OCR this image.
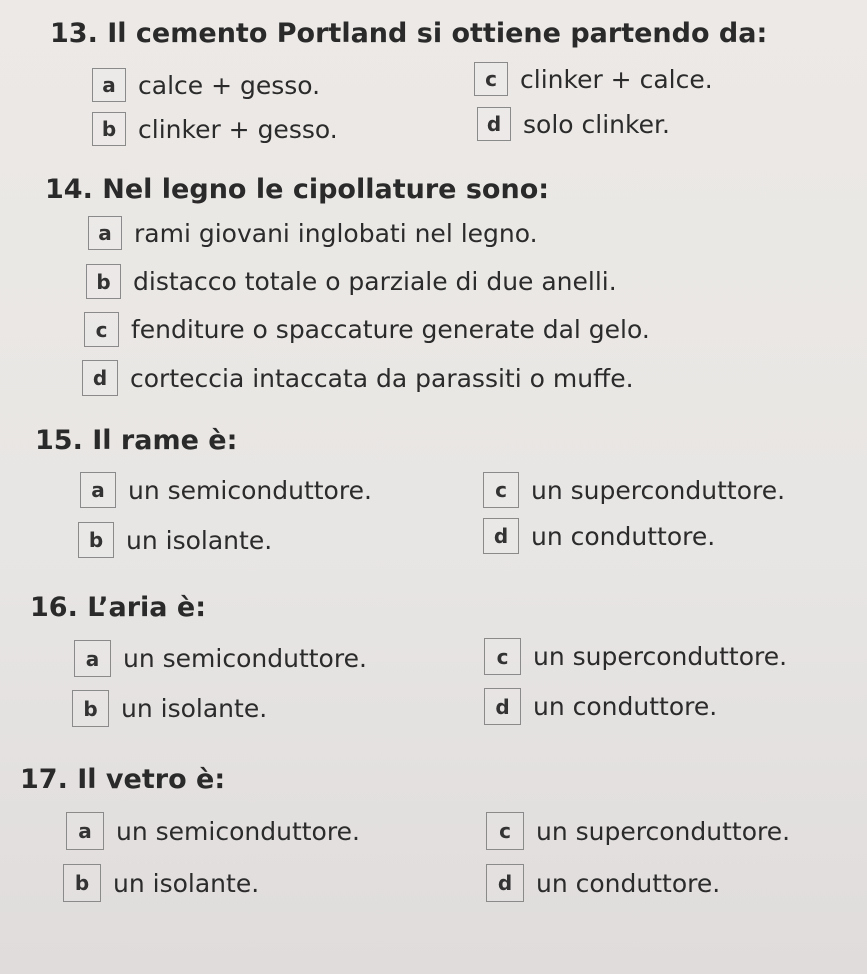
13. Il cemento Portland si ottiene partendo da:
a calce + gesso.
b clinker + gesso.
c clinker + calce.
d solo clinker.
14. Nel legno le cipollature sono:
a rami giovani inglobati nel legno.
b distacco totale o parziale di due anelli.
c fenditure o spaccature generate dal gelo.
d corteccia intaccata da parassiti o muffe.
15. Il rame è:
a un semiconduttore.
b un isolante.
c un superconduttore.
d un conduttore.
16. L’aria è:
a un semiconduttore.
b un isolante.
c un superconduttore.
d un conduttore.
17. Il vetro è:
a un semiconduttore.
b un isolante.
c	un superconduttore.
d un conduttore.
